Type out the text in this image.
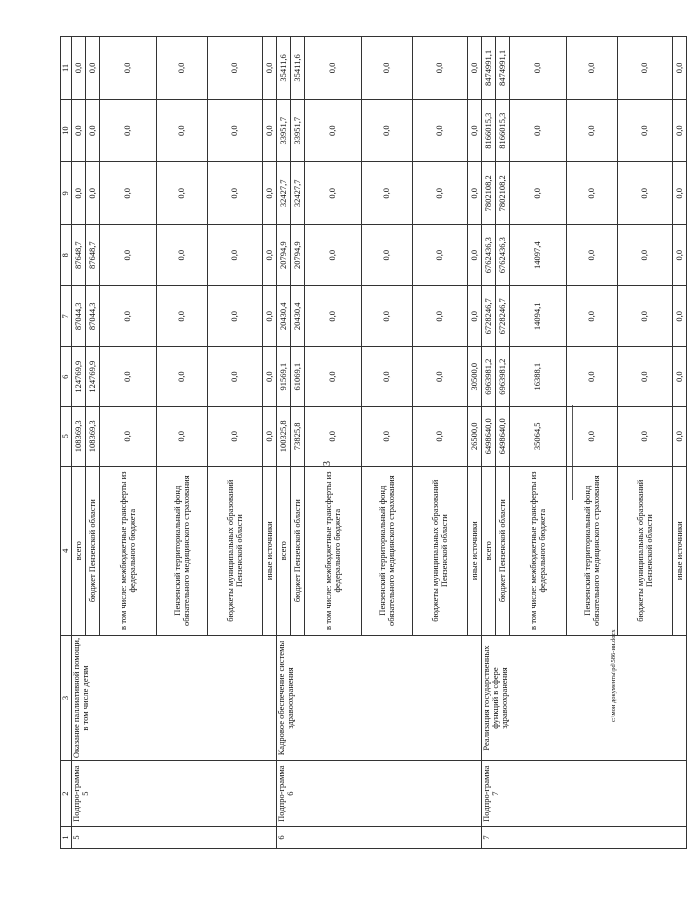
3
c:\мои документы\pd\586-ии.docx
1	2	3	4	5	6	7	8	9	10	11
5	Подпро-грамма 5	Оказание паллиативной помощи, в том числе детям	всего	108369,3	124769,9	87044,3	87648,7	0,0	0,0	0,0
			бюджет Пензенской области	108369,3	124769,9	87044,3	87648,7	0,0	0,0	0,0
			в том числе: межбюджетные трансферты из федерального бюджета	0,0	0,0	0,0	0,0	0,0	0,0	0,0
			Пензенский территориальный фонд обязательного медицинского страхования	0,0	0,0	0,0	0,0	0,0	0,0	0,0
			бюджеты муниципальных образований Пензенской области	0,0	0,0	0,0	0,0	0,0	0,0	0,0
			иные источники	0,0	0,0	0,0	0,0	0,0	0,0	0,0
6	Подпро-грамма 6	Кадровое обеспечение системы здравоохранения	всего	100325,8	91569,1	20430,4	20794,9	32427,7	33951,7	35411,6
			бюджет Пензенской области	73825,8	61069,1	20430,4	20794,9	32427,7	33951,7	35411,6
			в том числе: межбюджетные трансферты из федерального бюджета	0,0	0,0	0,0	0,0	0,0	0,0	0,0
			Пензенский территориальный фонд обязательного медицинского страхования	0,0	0,0	0,0	0,0	0,0	0,0	0,0
			бюджеты муниципальных образований Пензенской области	0,0	0,0	0,0	0,0	0,0	0,0	0,0
			иные источники	26500,0	30500,0	0,0	0,0	0,0	0,0	0,0
7	Подпро-грамма 7	Реализация государственных функций в сфере здравоохранения	всего	6498640,0	6963981,2	6728246,7	6762436,3	7802108,2	8166015,3	8474991,1
			бюджет Пензенской области	6498640,0	6963981,2	6728246,7	6762436,3	7802108,2	8166015,3	8474991,1
			в том числе: межбюджетные трансферты из федерального бюджета	35064,5	16388,1	14094,1	14097,4	0,0	0,0	0,0
			Пензенский территориальный фонд обязательного медицинского страхования	0,0	0,0	0,0	0,0	0,0	0,0	0,0
			бюджеты муниципальных образований Пензенской области	0,0	0,0	0,0	0,0	0,0	0,0	0,0
			иные источники	0,0	0,0	0,0	0,0	0,0	0,0	0,0
